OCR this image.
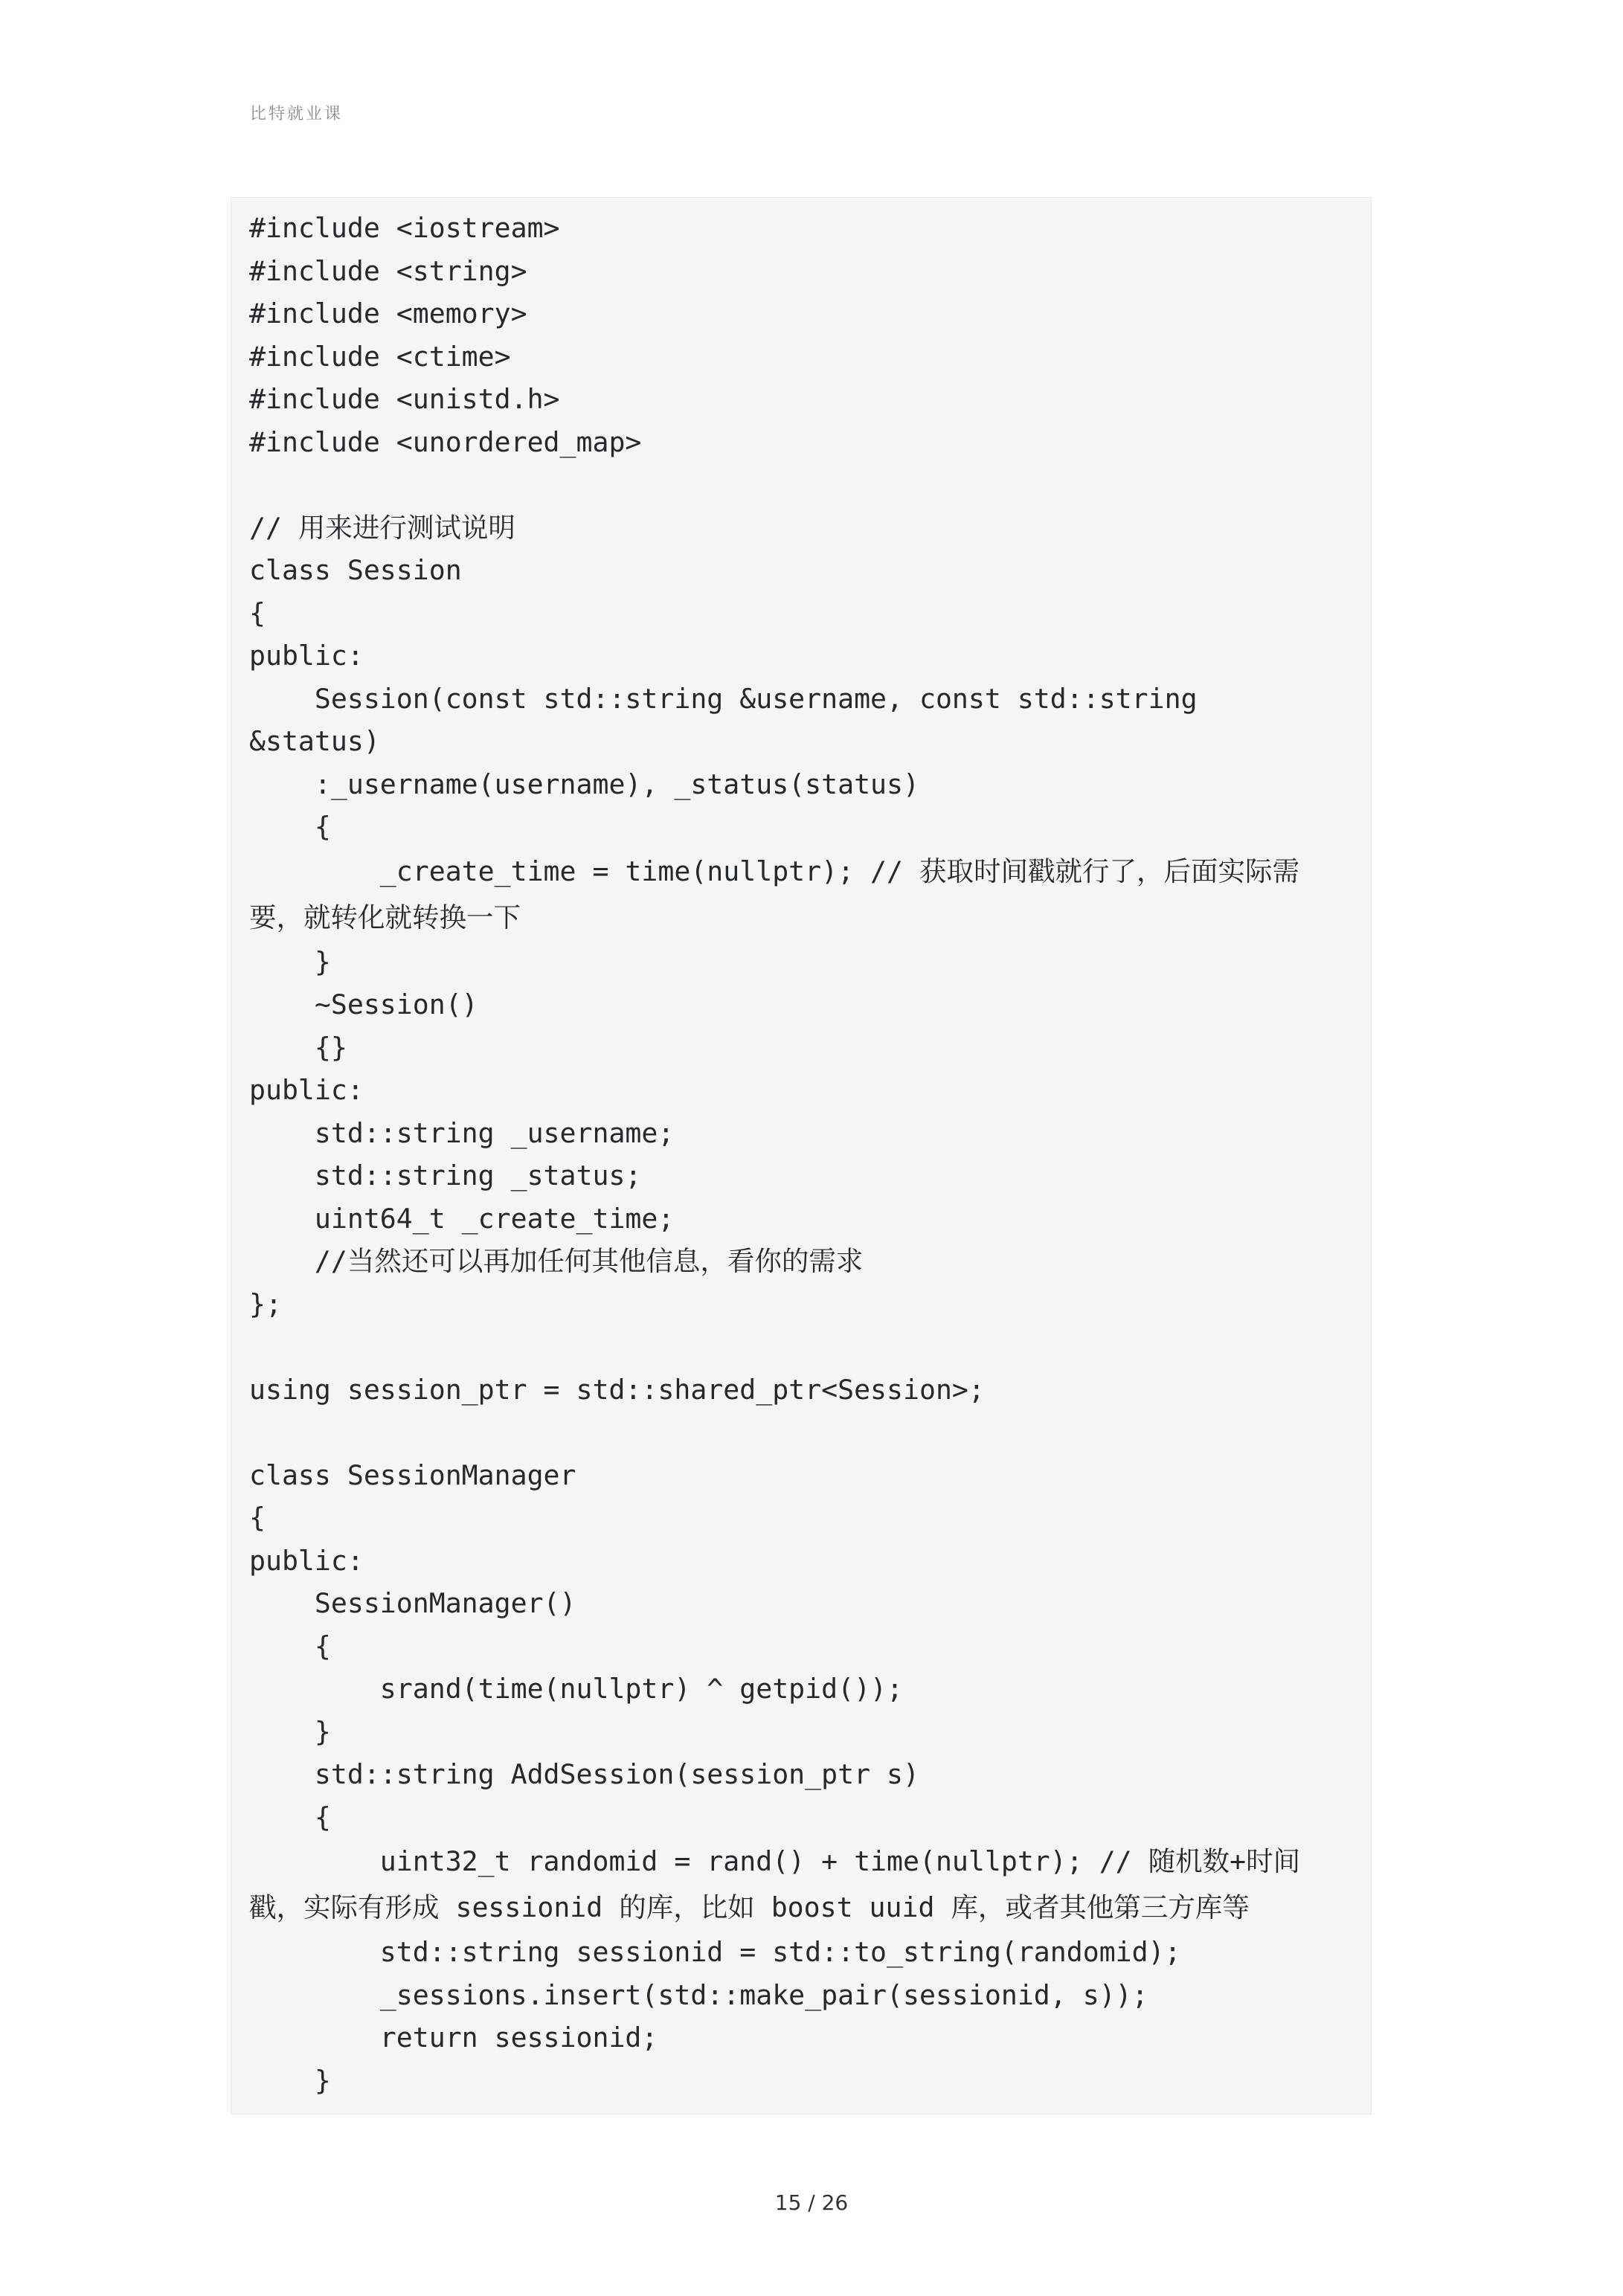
比特就业课
#include <iostream>
#include <string>
#include <memory>
#include <ctime>
#include <unistd.h>
#include <unordered_map>
// 用来进行测试说明
class Session
{
public:
Session(const std::string &username, const std::string
&status)
:_username(username), _status(status)
{
_create_time = time(nullptr); // 获取时间戳就行了，后面实际需
要，就转化就转换一下
}
~Session()
{}
public:
std::string _username;
std::string _status;
uint64_t _create_time;
//当然还可以再加任何其他信息，看你的需求
};
using session_ptr = std::shared_ptr<Session>;
class SessionManager
{
public:
SessionManager()
{
srand(time(nullptr) ^ getpid());
}
std::string AddSession(session_ptr s)
{
uint32_t randomid = rand() + time(nullptr); // 随机数+时间
戳，实际有形成 sessionid 的库，比如 boost uuid 库，或者其他第三方库等
std::string sessionid = std::to_string(randomid);
_sessions.insert(std::make_pair(sessionid, s));
return sessionid;
}
15 / 26
